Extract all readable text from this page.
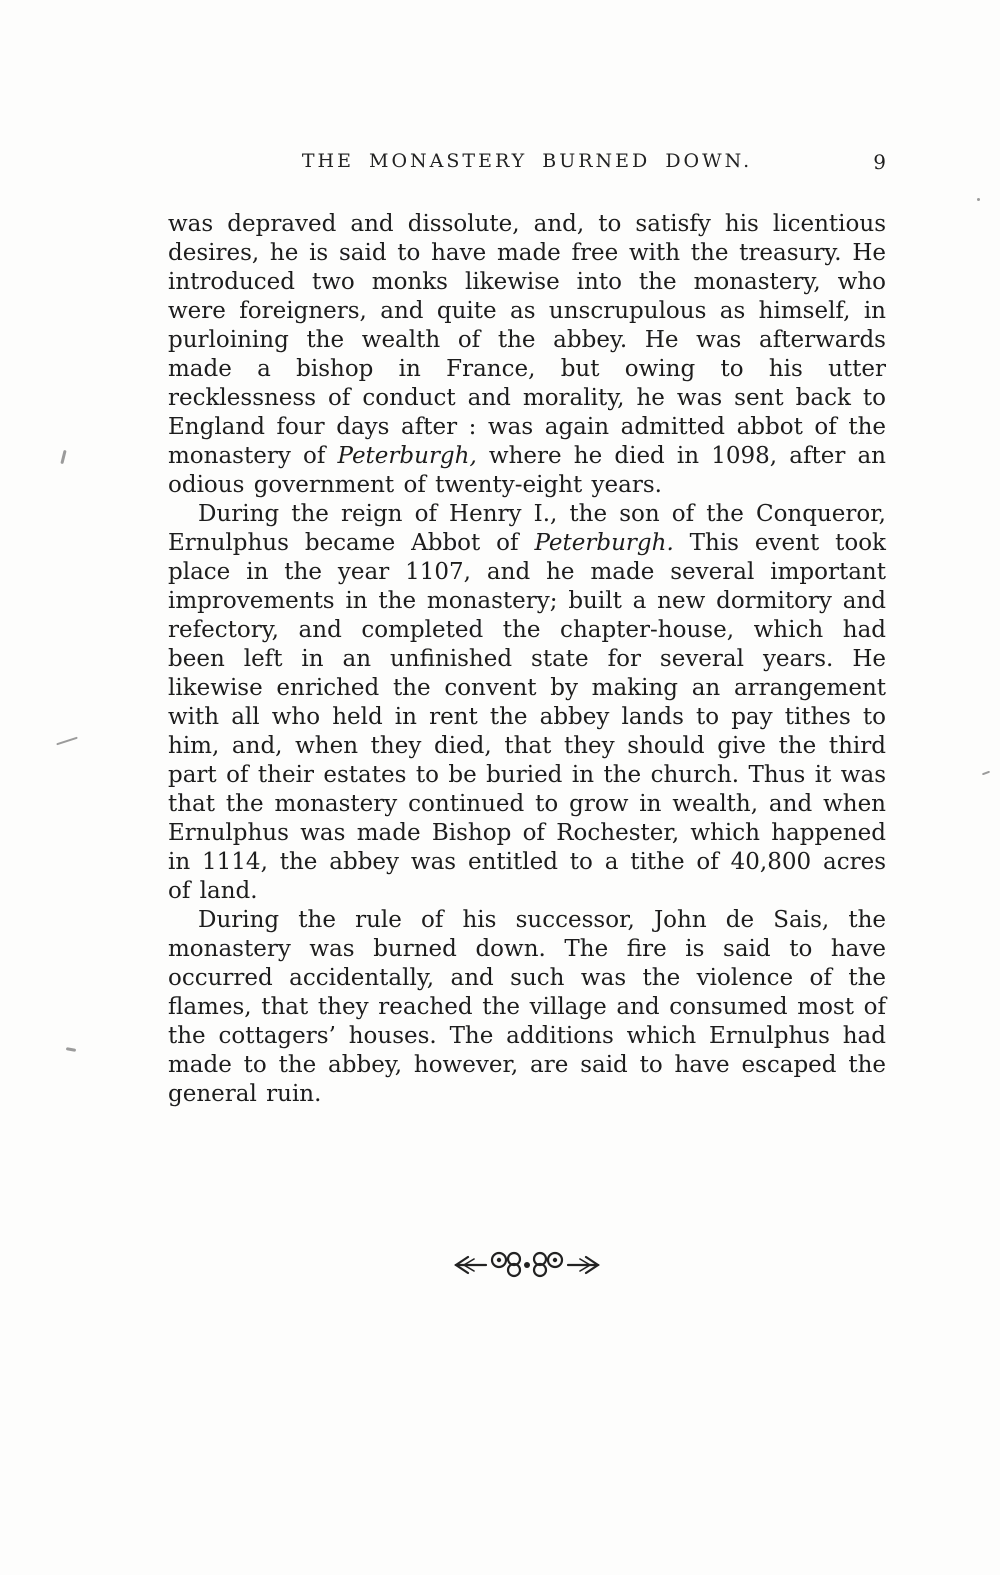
THE MONASTERY BURNED DOWN.	9

was depraved and dissolute, and, to satisfy his licentious desires, he is said to have made free with the treasury. He introduced two monks likewise into the monastery, who were foreigners, and quite as unscrupulous as himself, in purloining the wealth of the abbey. He was afterwards made a bishop in France, but owing to his utter recklessness of conduct and morality, he was sent back to England four days after : was again admitted abbot of the monastery of Peterburgh, where he died in 1098, after an odious government of twenty-eight years.

During the reign of Henry I., the son of the Conqueror, Ernulphus became Abbot of Peterburgh. This event took place in the year 1107, and he made several important improvements in the monastery; built a new dormitory and refectory, and completed the chapter-house, which had been left in an unfinished state for several years. He likewise enriched the convent by making an arrangement with all who held in rent the abbey lands to pay tithes to him, and, when they died, that they should give the third part of their estates to be buried in the church. Thus it was that the monastery continued to grow in wealth, and when Ernulphus was made Bishop of Rochester, which happened in 1114, the abbey was entitled to a tithe of 40,800 acres of land.

During the rule of his successor, John de Sais, the monastery was burned down. The fire is said to have occurred accidentally, and such was the violence of the flames, that they reached the village and consumed most of the cottagers’ houses. The additions which Ernulphus had made to the abbey, however, are said to have escaped the general ruin.
